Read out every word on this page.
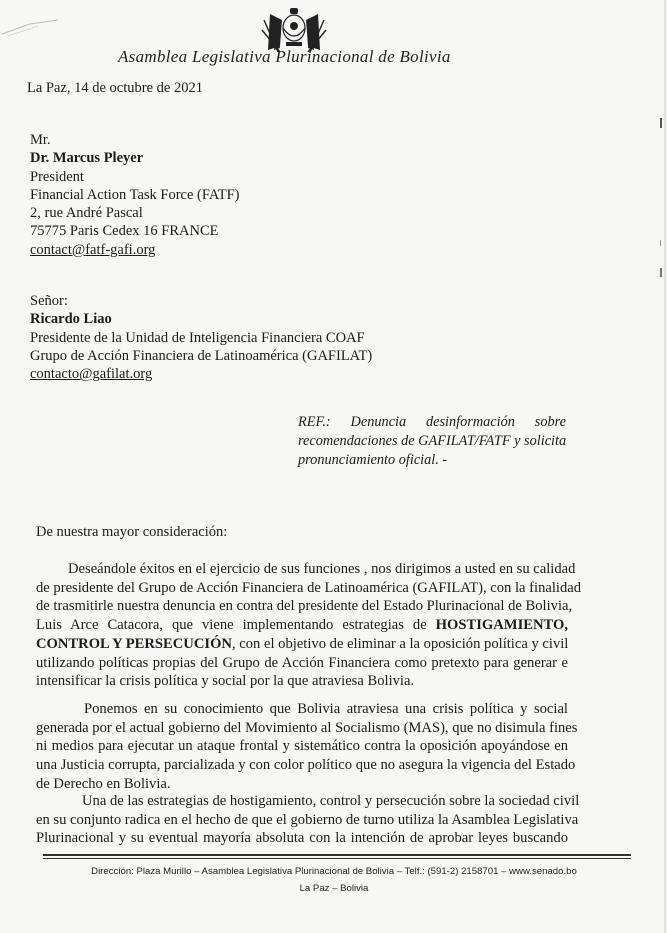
Asamblea Legislativa Plurinacional de Bolivia
La Paz, 14 de octubre de 2021
Mr.
Dr. Marcus Pleyer
President
Financial Action Task Force (FATF)
2, rue André Pascal
75775 Paris Cedex 16 FRANCE
contact@fatf-gafi.org
Señor:
Ricardo Liao
Presidente de la Unidad de Inteligencia Financiera COAF
Grupo de Acción Financiera de Latinoamérica (GAFILAT)
contacto@gafilat.org
REF.: Denuncia desinformación sobre
recomendaciones de GAFILAT/FATF y solicita
pronunciamiento oficial. -
De nuestra mayor consideración:
Deseándole éxitos en el ejercicio de sus funciones , nos dirigimos a usted en su calidad
de presidente del Grupo de Acción Financiera de Latinoamérica (GAFILAT), con la finalidad
de trasmitirle nuestra denuncia en contra del presidente del Estado Plurinacional de Bolivia,
Luis Arce Catacora, que viene implementando estrategias de HOSTIGAMIENTO,
CONTROL Y PERSECUCIÓN, con el objetivo de eliminar a la oposición política y civil
utilizando políticas propias del Grupo de Acción Financiera como pretexto para generar e
intensificar la crisis política y social por la que atraviesa Bolivia.
Ponemos en su conocimiento que Bolivia atraviesa una crisis política y social
generada por el actual gobierno del Movimiento al Socialismo (MAS), que no disimula fines
ni medios para ejecutar un ataque frontal y sistemático contra la oposición apoyándose en
una Justicia corrupta, parcializada y con color político que no asegura la vigencia del Estado
de Derecho en Bolivia.
Una de las estrategias de hostigamiento, control y persecución sobre la sociedad civil
en su conjunto radica en el hecho de que el gobierno de turno utiliza la Asamblea Legislativa
Plurinacional y su eventual mayoría absoluta con la intención de aprobar leyes buscando
Dirección: Plaza Murillo – Asamblea Legislativa Plurinacional de Bolivia – Telf.: (591-2) 2158701 – www.senado.bo
La Paz – Bolivia
